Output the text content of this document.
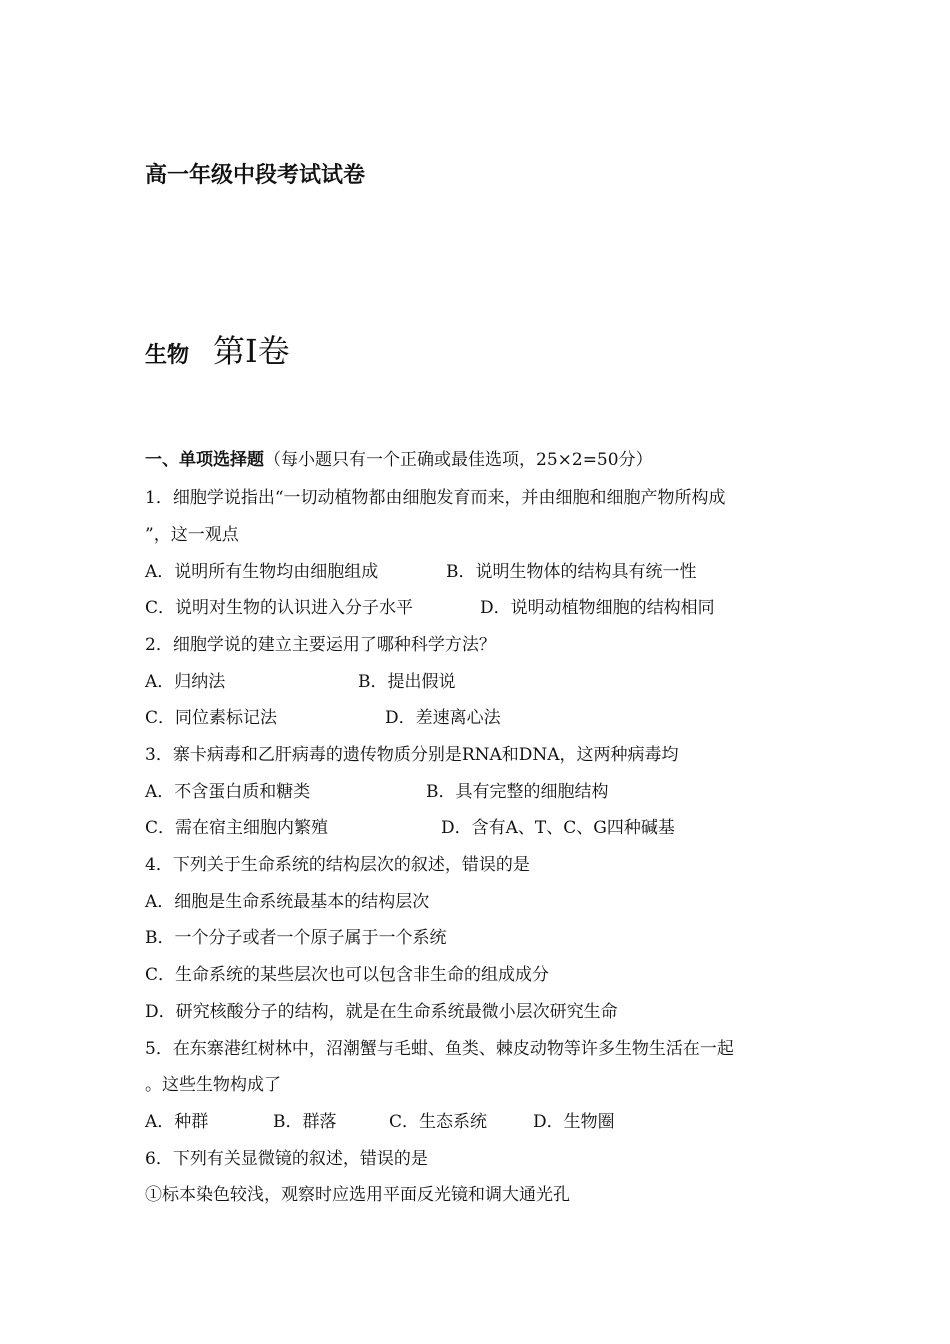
高一年级中段考试试卷
生物 第Ⅰ卷
一、单项选择题（每小题只有一个正确或最佳选项，25×2=50分）
1．细胞学说指出“一切动植物都由细胞发育而来，并由细胞和细胞产物所构成
”，这一观点
A．说明所有生物均由细胞组成	B．说明生物体的结构具有统一性
C．说明对生物的认识进入分子水平	D．说明动植物细胞的结构相同
2．细胞学说的建立主要运用了哪种科学方法？
A．归纳法	B．提出假说
C．同位素标记法	D．差速离心法
3．寨卡病毒和乙肝病毒的遗传物质分别是RNA和DNA，这两种病毒均
A．不含蛋白质和糖类	B．具有完整的细胞结构
C．需在宿主细胞内繁殖	D．含有A、T、C、G四种碱基
4．下列关于生命系统的结构层次的叙述，错误的是
A．细胞是生命系统最基本的结构层次
B．一个分子或者一个原子属于一个系统
C．生命系统的某些层次也可以包含非生命的组成成分
D．研究核酸分子的结构，就是在生命系统最微小层次研究生命
5．在东寨港红树林中，沼潮蟹与毛蚶、鱼类、棘皮动物等许多生物生活在一起
。这些生物构成了
A．种群	B．群落	C．生态系统	D．生物圈
6．下列有关显微镜的叙述，错误的是
①标本染色较浅，观察时应选用平面反光镜和调大通光孔
